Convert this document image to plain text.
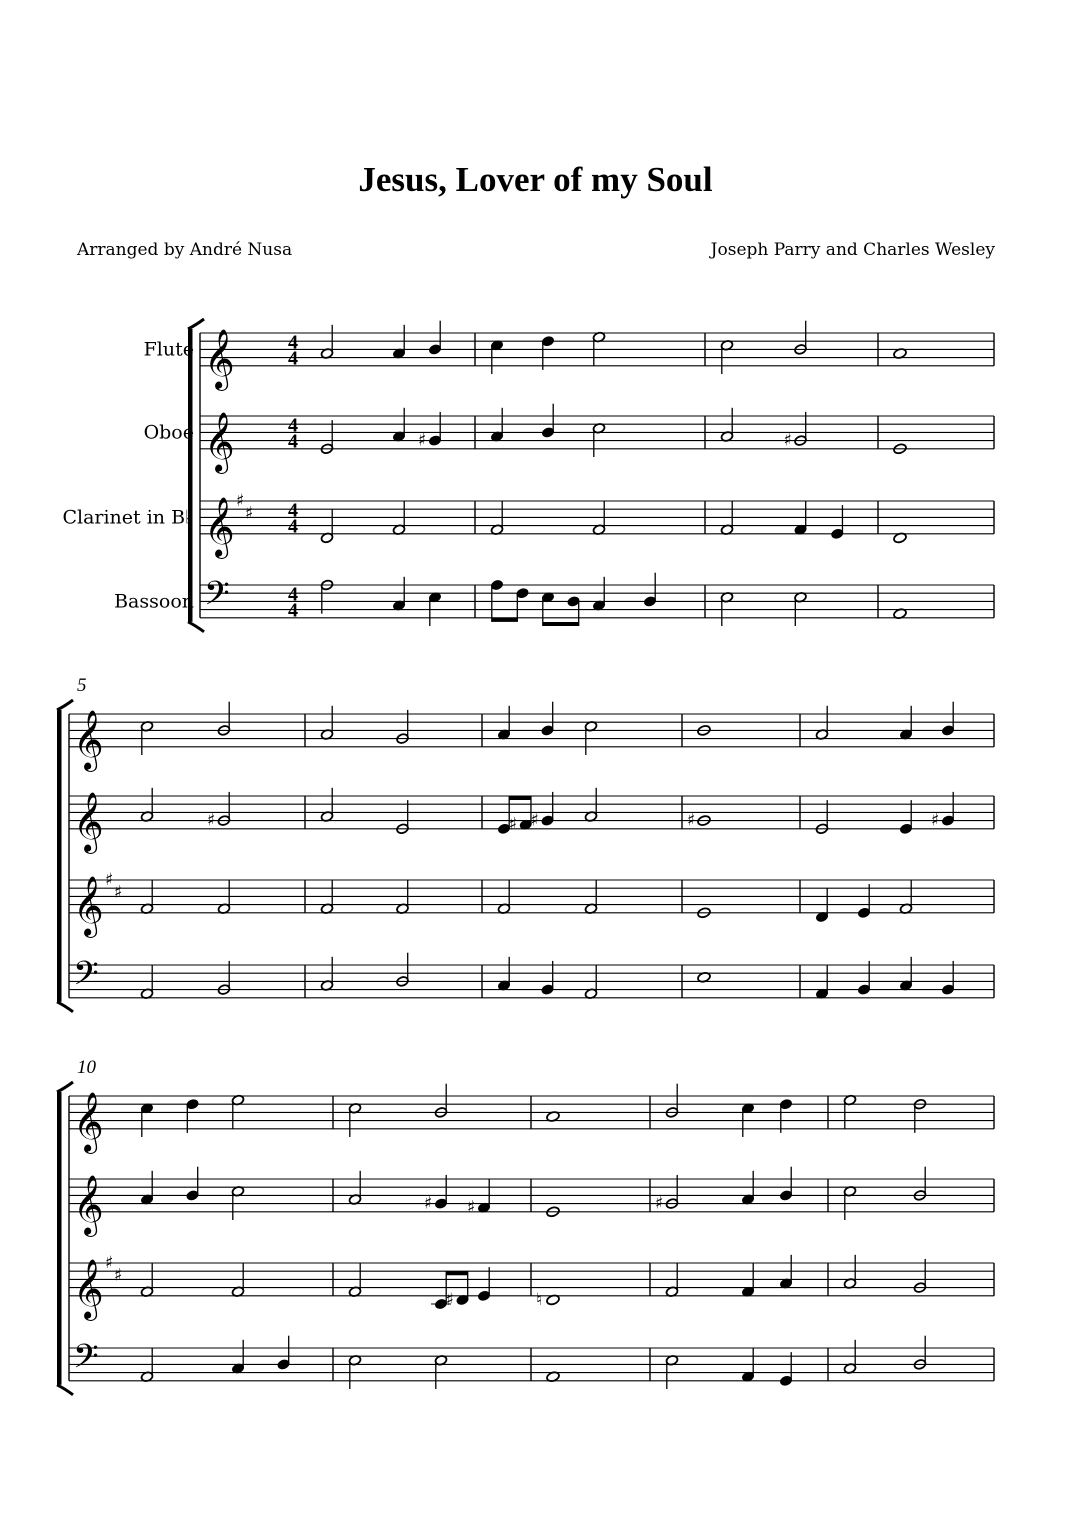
Jesus, Lover of my Soul
Arranged by André Nusa	Joseph Parry and Charles Wesley
Flute 𝄞	4
4
Oboe 𝄞	4
4
Clarinet in B♭ 𝄞 ♯
♯ 4
4
Bassoon 𝄢	4
4
♯	♯
5
𝄞
𝄞
𝄞 ♯
♯
𝄢
♯	♯ ♯	♯	♯
10
𝄞
𝄞
𝄞 ♯
♯
𝄢
♯ ♯
♯	♮
♯
